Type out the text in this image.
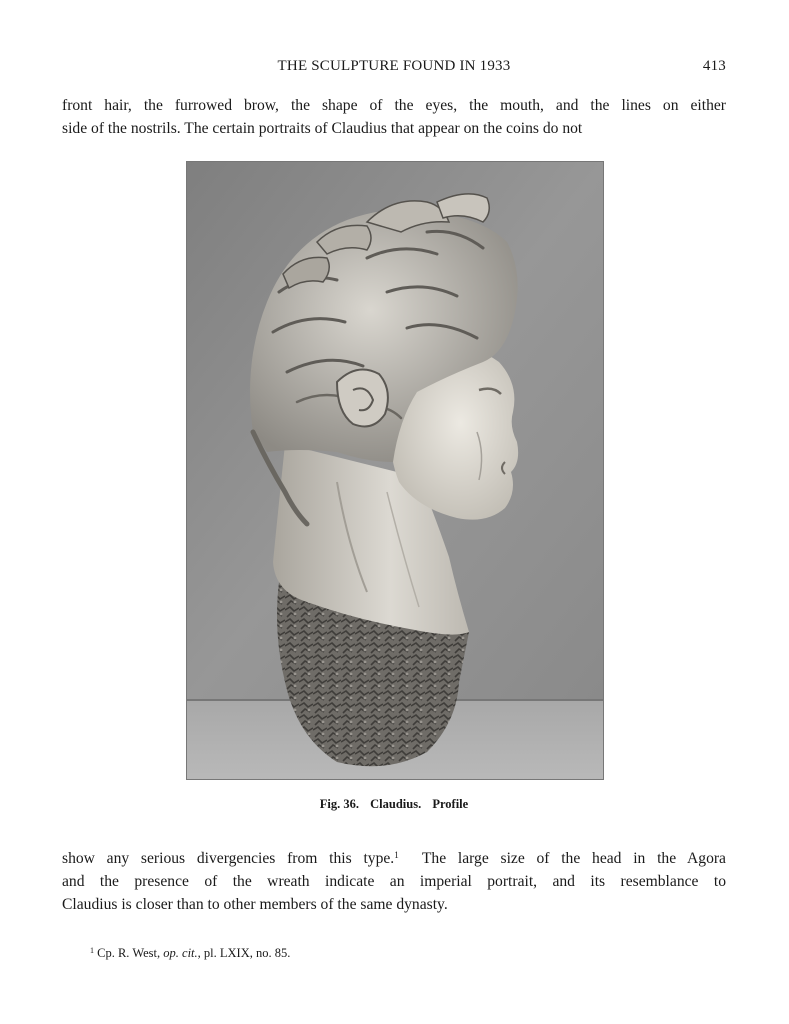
THE SCULPTURE FOUND IN 1933	413

front hair, the furrowed brow, the shape of the eyes, the mouth, and the lines on either
side of the nostrils. The certain portraits of Claudius that appear on the coins do not

Fig. 36. Claudius. Profile

show any serious divergencies from this type.$^1$  The large size of the head in the Agora
and the presence of the wreath indicate an imperial portrait, and its resemblance to
Claudius is closer than to other members of the same dynasty.

$^1$ Cp. R. West, op. cit., pl. LXIX, no. 85.
